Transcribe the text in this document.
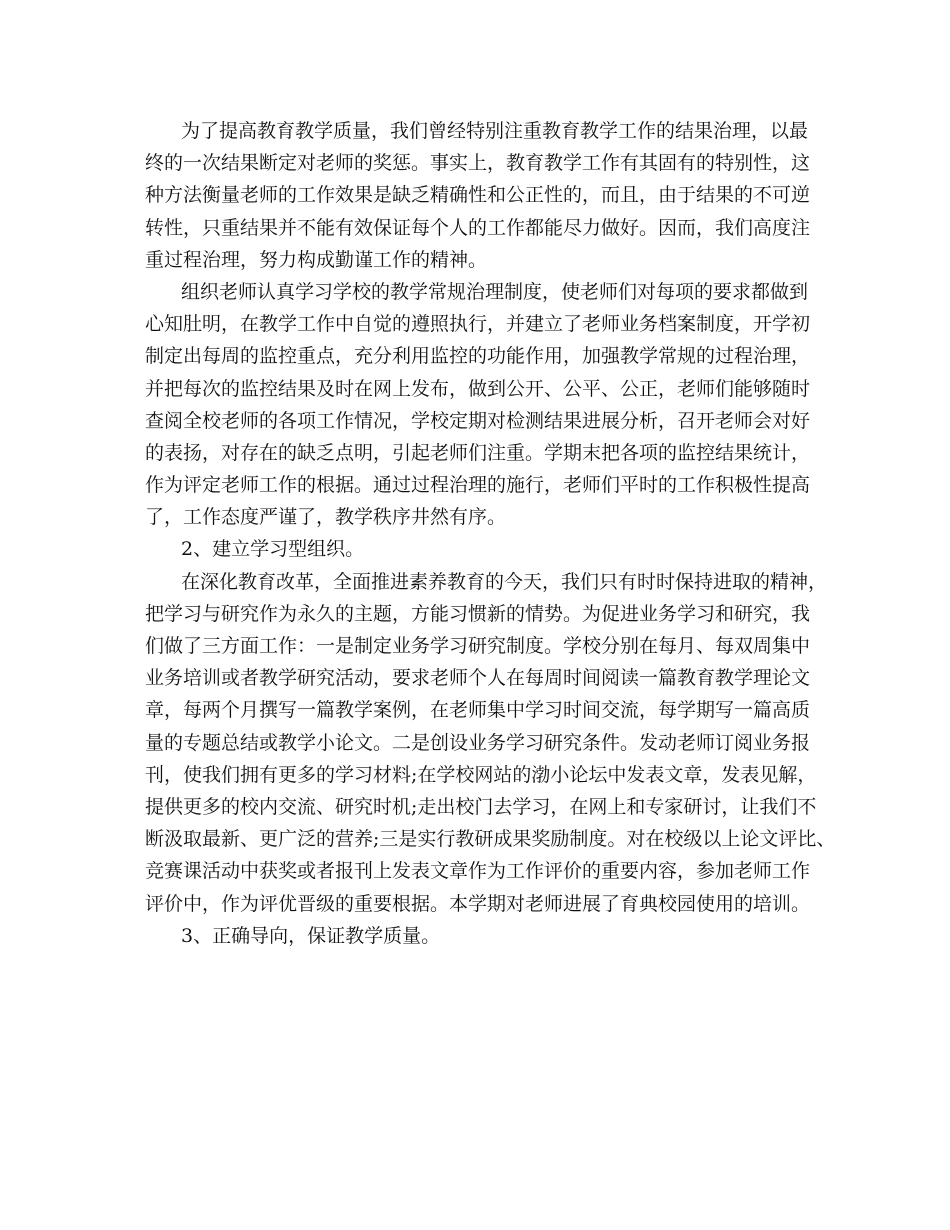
为了提高教育教学质量，我们曾经特别注重教育教学工作的结果治理，以最
终的一次结果断定对老师的奖惩。事实上，教育教学工作有其固有的特别性，这
种方法衡量老师的工作效果是缺乏精确性和公正性的，而且，由于结果的不可逆
转性，只重结果并不能有效保证每个人的工作都能尽力做好。因而，我们高度注
重过程治理，努力构成勤谨工作的精神。
组织老师认真学习学校的教学常规治理制度，使老师们对每项的要求都做到
心知肚明，在教学工作中自觉的遵照执行，并建立了老师业务档案制度，开学初
制定出每周的监控重点，充分利用监控的功能作用，加强教学常规的过程治理，
并把每次的监控结果及时在网上发布，做到公开、公平、公正，老师们能够随时
查阅全校老师的各项工作情况，学校定期对检测结果进展分析，召开老师会对好
的表扬，对存在的缺乏点明，引起老师们注重。学期末把各项的监控结果统计，
作为评定老师工作的根据。通过过程治理的施行，老师们平时的工作积极性提高
了，工作态度严谨了，教学秩序井然有序。
2、建立学习型组织。
在深化教育改革，全面推进素养教育的今天，我们只有时时保持进取的精神，
把学习与研究作为永久的主题，方能习惯新的情势。为促进业务学习和研究，我
们做了三方面工作：一是制定业务学习研究制度。学校分别在每月、每双周集中
业务培训或者教学研究活动，要求老师个人在每周时间阅读一篇教育教学理论文
章，每两个月撰写一篇教学案例，在老师集中学习时间交流，每学期写一篇高质
量的专题总结或教学小论文。二是创设业务学习研究条件。发动老师订阅业务报
刊，使我们拥有更多的学习材料;在学校网站的渤小论坛中发表文章，发表见解，
提供更多的校内交流、研究时机;走出校门去学习，在网上和专家研讨，让我们不
断汲取最新、更广泛的营养;三是实行教研成果奖励制度。对在校级以上论文评比、
竞赛课活动中获奖或者报刊上发表文章作为工作评价的重要内容，参加老师工作
评价中，作为评优晋级的重要根据。本学期对老师进展了育典校园使用的培训。
3、正确导向，保证教学质量。
